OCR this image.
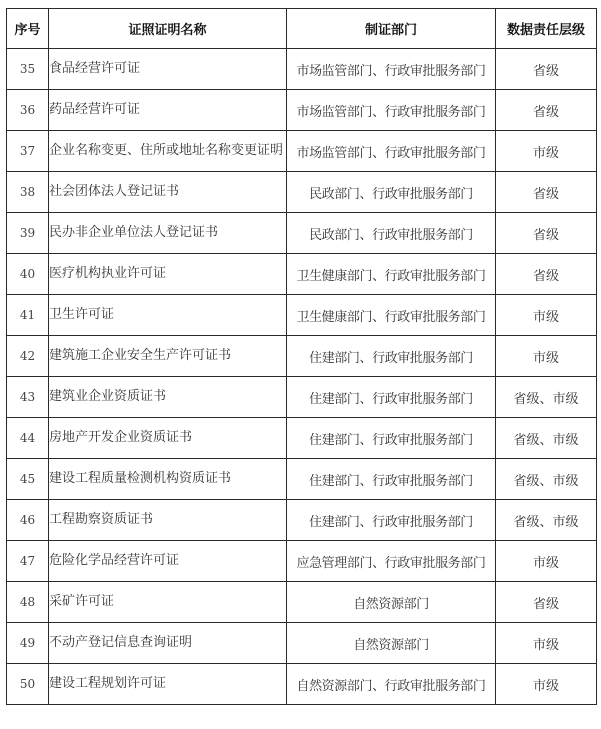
序号	证照证明名称	制证部门	数据责任层级
35	食品经营许可证	市场监管部门、行政审批服务部门	省级
36	药品经营许可证	市场监管部门、行政审批服务部门	省级
37	企业名称变更、住所或地址名称变更证明	市场监管部门、行政审批服务部门	市级
38	社会团体法人登记证书	民政部门、行政审批服务部门	省级
39	民办非企业单位法人登记证书	民政部门、行政审批服务部门	省级
40	医疗机构执业许可证	卫生健康部门、行政审批服务部门	省级
41	卫生许可证	卫生健康部门、行政审批服务部门	市级
42	建筑施工企业安全生产许可证书	住建部门、行政审批服务部门	市级
43	建筑业企业资质证书	住建部门、行政审批服务部门	省级、市级
44	房地产开发企业资质证书	住建部门、行政审批服务部门	省级、市级
45	建设工程质量检测机构资质证书	住建部门、行政审批服务部门	省级、市级
46	工程勘察资质证书	住建部门、行政审批服务部门	省级、市级
47	危险化学品经营许可证	应急管理部门、行政审批服务部门	市级
48	采矿许可证	自然资源部门	省级
49	不动产登记信息查询证明	自然资源部门	市级
50	建设工程规划许可证	自然资源部门、行政审批服务部门	市级
